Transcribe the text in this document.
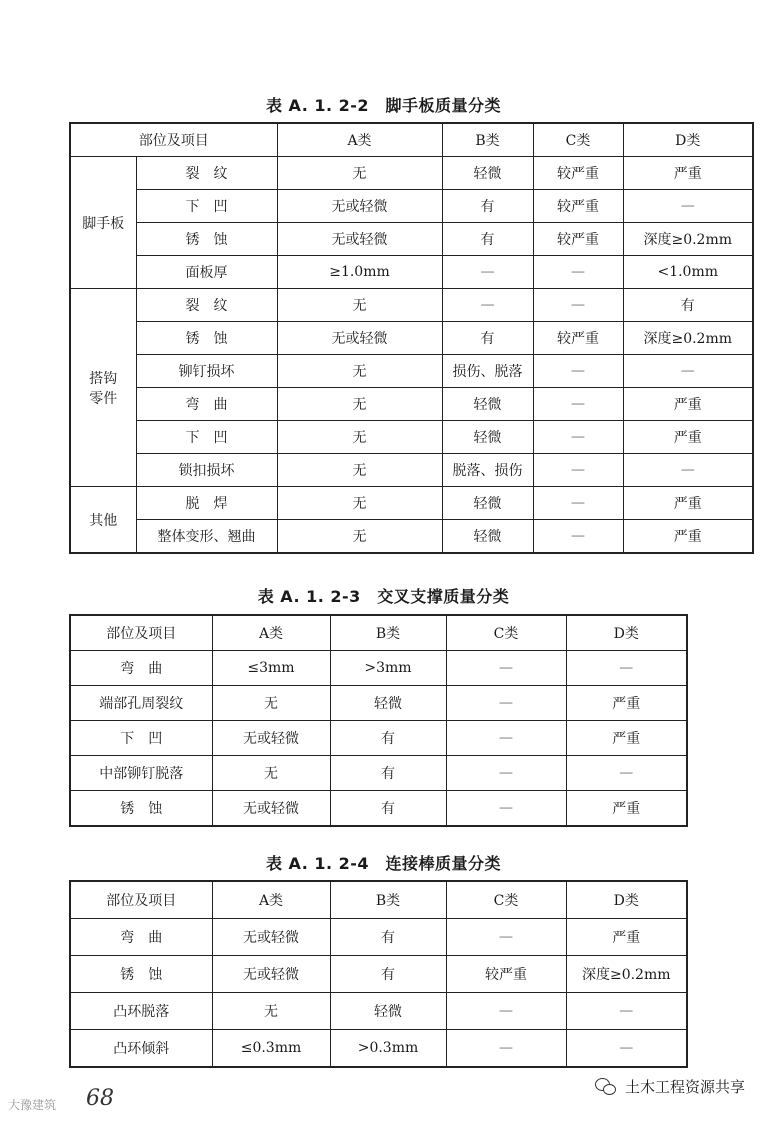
表 A. 1. 2-2　脚手板质量分类
部位及项目		A类	B类	C类	D类
脚手板	裂　纹	无	轻微	较严重	严重
	下　凹	无或轻微	有	较严重	—
	锈　蚀	无或轻微	有	较严重	深度≥0.2mm
	面板厚	≥1.0mm	—	—	<1.0mm

搭钩
零件	裂　纹	无	—	—	有
	锈　蚀	无或轻微	有	较严重	深度≥0.2mm
	铆钉损坏	无	损伤、脱落	—	—
	弯　曲	无	轻微	—	严重
	下　凹	无	轻微	—	严重
	锁扣损坏	无	脱落、损伤	—	—
其他	脱　焊	无	轻微	—	严重
	整体变形、翘曲	无	轻微	—	严重
表 A. 1. 2-3　交叉支撑质量分类
部位及项目	A类	B类	C类	D类
弯　曲	≤3mm	>3mm	—	—
端部孔周裂纹	无	轻微	—	严重
下　凹	无或轻微	有	—	严重
中部铆钉脱落	无	有	—	—
锈　蚀	无或轻微	有	—	严重
表 A. 1. 2-4　连接棒质量分类
部位及项目	A类	B类	C类	D类
弯　曲	无或轻微	有	—	严重
锈　蚀	无或轻微	有	较严重	深度≥0.2mm
凸环脱落	无	轻微	—	—
凸环倾斜	≤0.3mm	>0.3mm	—	—
68
大豫建筑
土木工程资源共享
